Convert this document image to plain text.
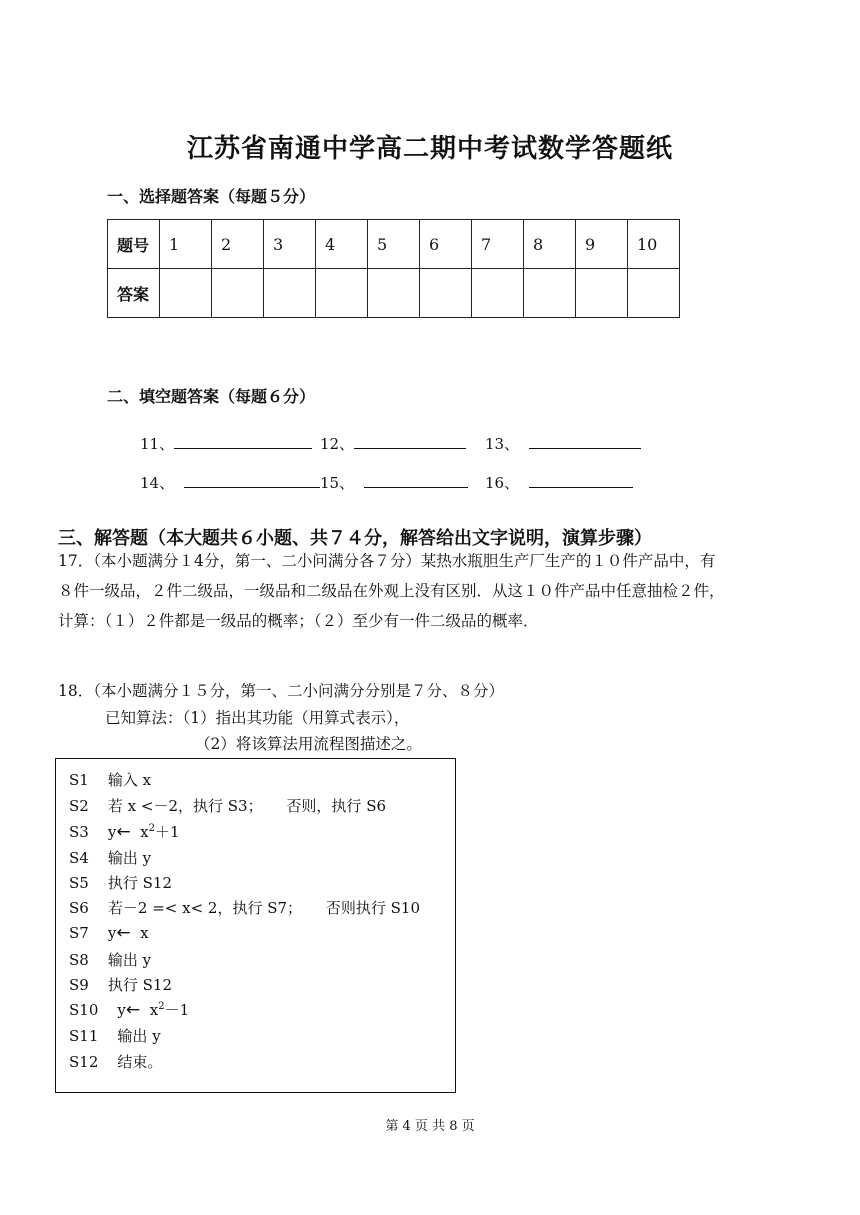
江苏省南通中学高二期中考试数学答题纸
一、选择题答案（每题５分）
题号	1	2	3	4	5	6	7	8	9	10
答案										
二、填空题答案（每题６分）
11、	12、	13、
14、	15、	16、
三、解答题（本大题共６小题、共７４分，解答给出文字说明，演算步骤）
17．（本小题满分１4分，第一、二小问满分各７分）某热水瓶胆生产厂生产的１０件产品中，有
８件一级品，２件二级品，一级品和二级品在外观上没有区别．从这１０件产品中任意抽检２件，
计算：（１）２件都是一级品的概率；（２）至少有一件二级品的概率．
18．（本小题满分１５分，第一、二小问满分分别是７分、８分）
已知算法：（1）指出其功能（用算式表示），
（2）将该算法用流程图描述之。
S1    输入 x
S2    若 x <－2，执行 S3；     否则，执行 S6
S3    y← $x^2+1$
S4    输出 y
S5    执行 S12
S6    若－2 =< x< 2，执行 S7；     否则执行 S10
S7    y← x
S8    输出 y
S9    执行 S12
S10    y← $x^2-1$
S11    输出 y
S12    结束。
第 4 页 共 8 页
